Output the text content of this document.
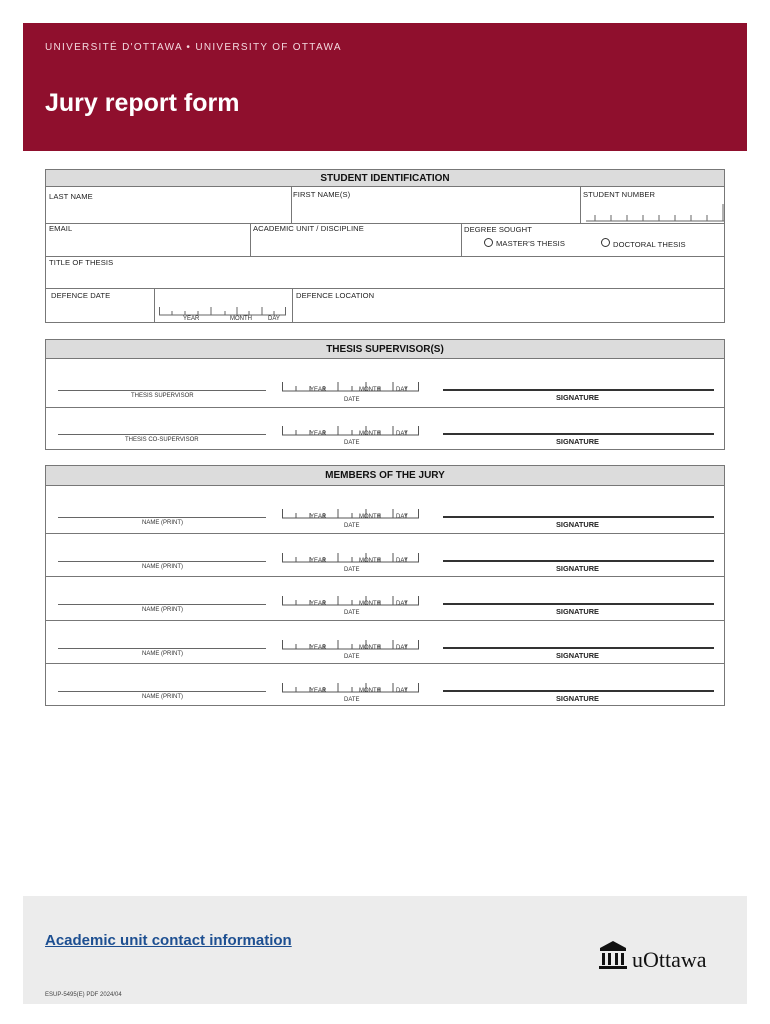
UNIVERSITÉ D'OTTAWA • UNIVERSITY OF OTTAWA
Jury report form
STUDENT IDENTIFICATION
LAST NAME	FIRST NAME(S)	STUDENT NUMBER
EMAIL	ACADEMIC UNIT / DISCIPLINE	DEGREE SOUGHT
MASTER'S THESIS	DOCTORAL THESIS
TITLE OF THESIS
DEFENCE DATE
YEAR	MONTH	DAY
DEFENCE LOCATION
THESIS SUPERVISOR(S)
THESIS SUPERVISOR
YEAR	MONTH	DAY
DATE	SIGNATURE
THESIS CO-SUPERVISOR
YEAR	MONTH	DAY
DATE	SIGNATURE
MEMBERS OF THE JURY
NAME (PRINT)
YEAR	MONTH	DAY
DATE	SIGNATURE
NAME (PRINT)
YEAR	MONTH	DAY
DATE	SIGNATURE
NAME (PRINT)
YEAR	MONTH	DAY
DATE	SIGNATURE
NAME (PRINT)
YEAR	MONTH	DAY
DATE	SIGNATURE
NAME (PRINT)
YEAR	MONTH	DAY
DATE	SIGNATURE
Academic unit contact information
ESUP-5495(E) PDF 2024/04
uOttawa
